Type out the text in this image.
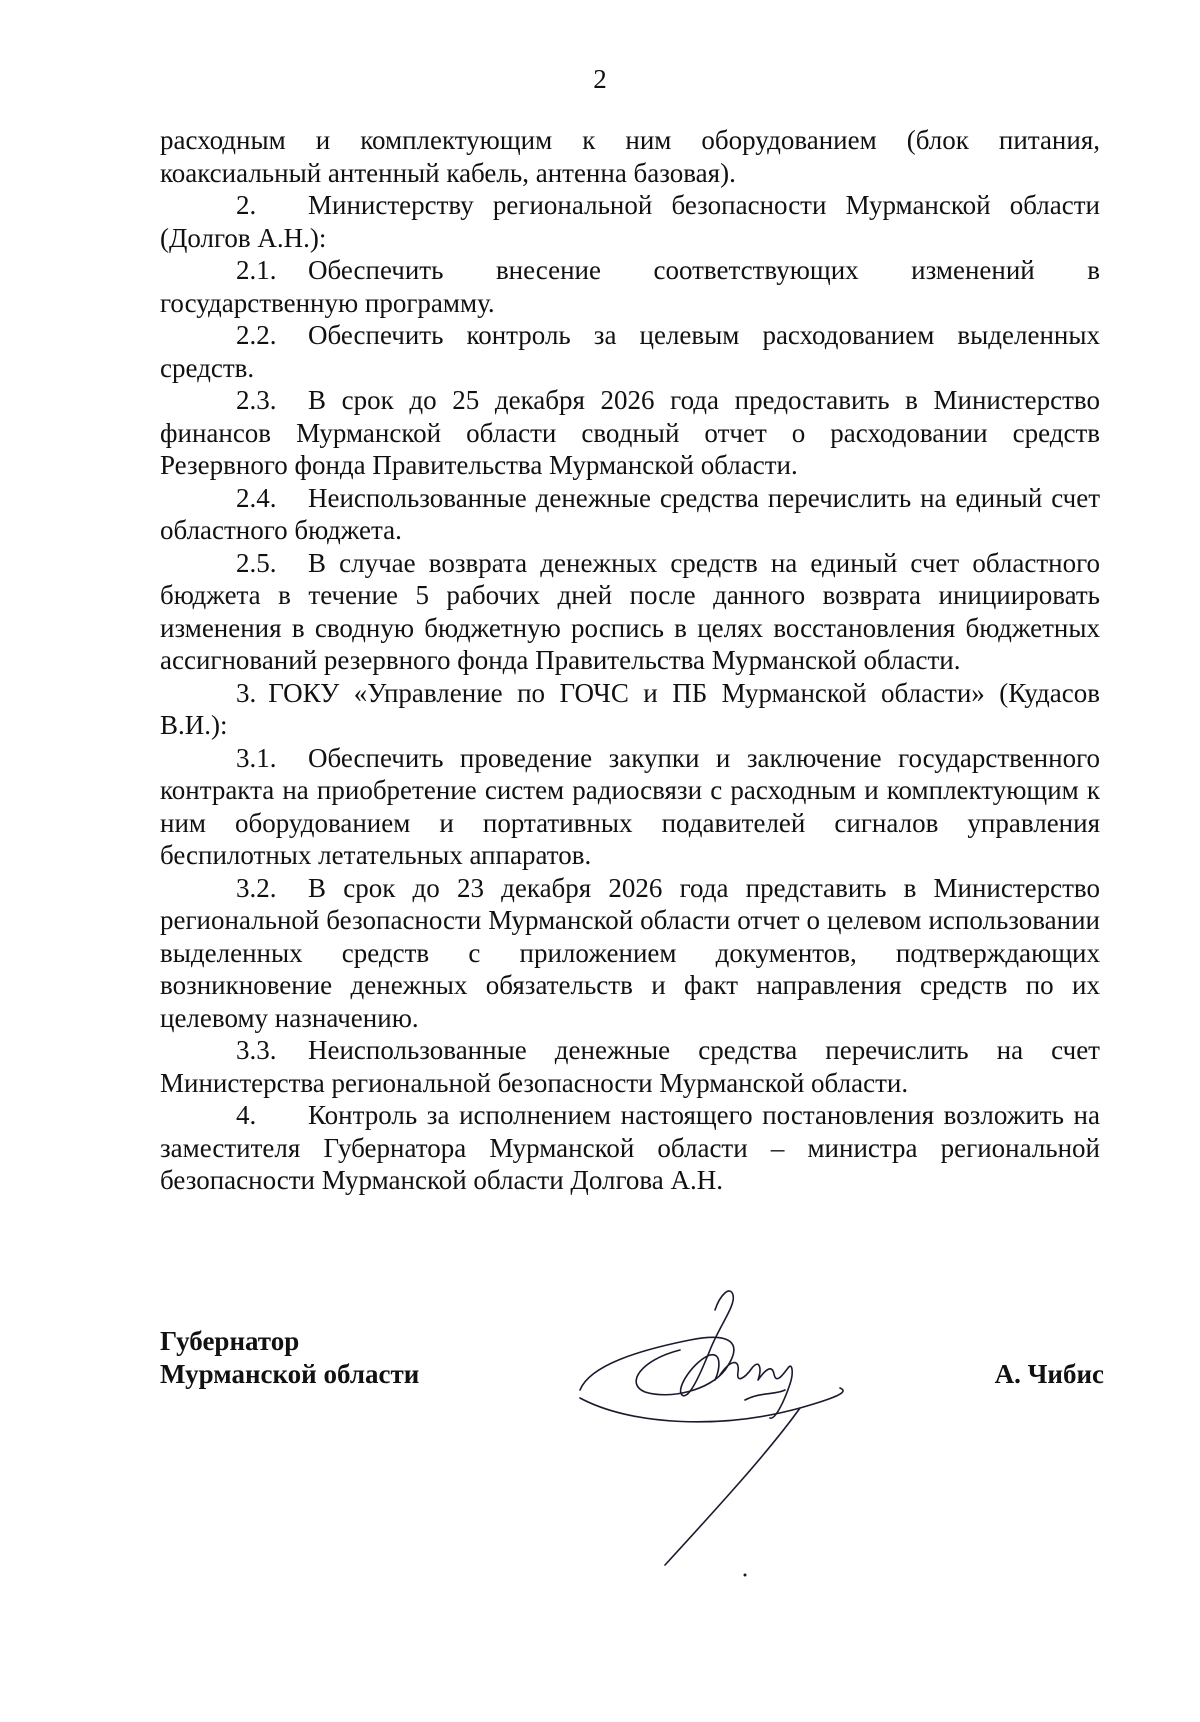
2

расходным и комплектующим к ним оборудованием (блок питания, коаксиальный антенный кабель, антенна базовая).

2. Министерству региональной безопасности Мурманской области (Долгов А.Н.):

2.1. Обеспечить внесение соответствующих изменений в государственную программу.

2.2. Обеспечить контроль за целевым расходованием выделенных средств.

2.3. В срок до 25 декабря 2026 года предоставить в Министерство финансов Мурманской области сводный отчет о расходовании средств Резервного фонда Правительства Мурманской области.

2.4. Неиспользованные денежные средства перечислить на единый счет областного бюджета.

2.5. В случае возврата денежных средств на единый счет областного бюджета в течение 5 рабочих дней после данного возврата инициировать изменения в сводную бюджетную роспись в целях восстановления бюджетных ассигнований резервного фонда Правительства Мурманской области.

3. ГОКУ «Управление по ГОЧС и ПБ Мурманской области» (Кудасов В.И.):

3.1. Обеспечить проведение закупки и заключение государственного контракта на приобретение систем радиосвязи с расходным и комплектующим к ним оборудованием и портативных подавителей сигналов управления беспилотных летательных аппаратов.

3.2. В срок до 23 декабря 2026 года представить в Министерство региональной безопасности Мурманской области отчет о целевом использовании выделенных средств с приложением документов, подтверждающих возникновение денежных обязательств и факт направления средств по их целевому назначению.

3.3. Неиспользованные денежные средства перечислить на счет Министерства региональной безопасности Мурманской области.

4. Контроль за исполнением настоящего постановления возложить на заместителя Губернатора Мурманской области – министра региональной безопасности Мурманской области Долгова А.Н.

Губернатор
Мурманской области	А. Чибис
